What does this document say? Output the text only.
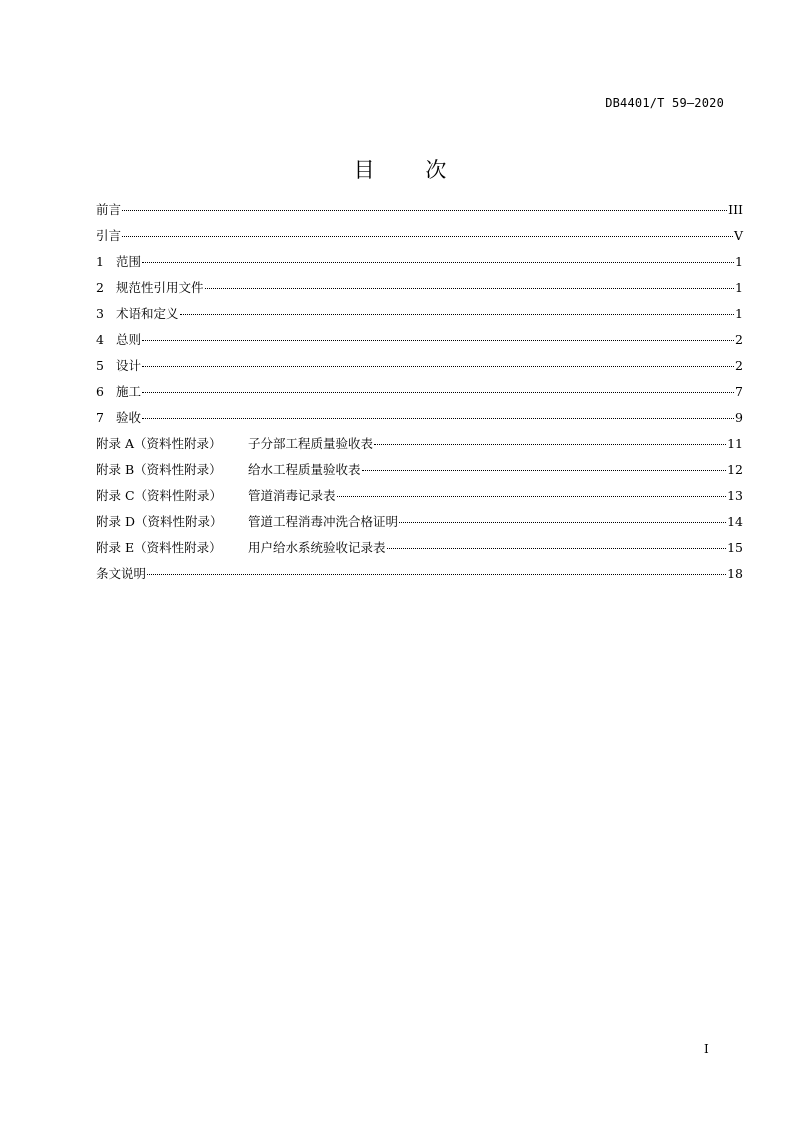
DB4401/T 59—2020
目 次
前言	III
引言	V
1 范围	1
2 规范性引用文件	1
3 术语和定义	1
4 总则	2
5 设计	2
6 施工	7
7 验收	9
附录 A（资料性附录）	子分部工程质量验收表	11
附录 B（资料性附录）	给水工程质量验收表	12
附录 C（资料性附录）	管道消毒记录表	13
附录 D（资料性附录）	管道工程消毒冲洗合格证明	14
附录 E（资料性附录）	用户给水系统验收记录表	15
条文说明	18
I
